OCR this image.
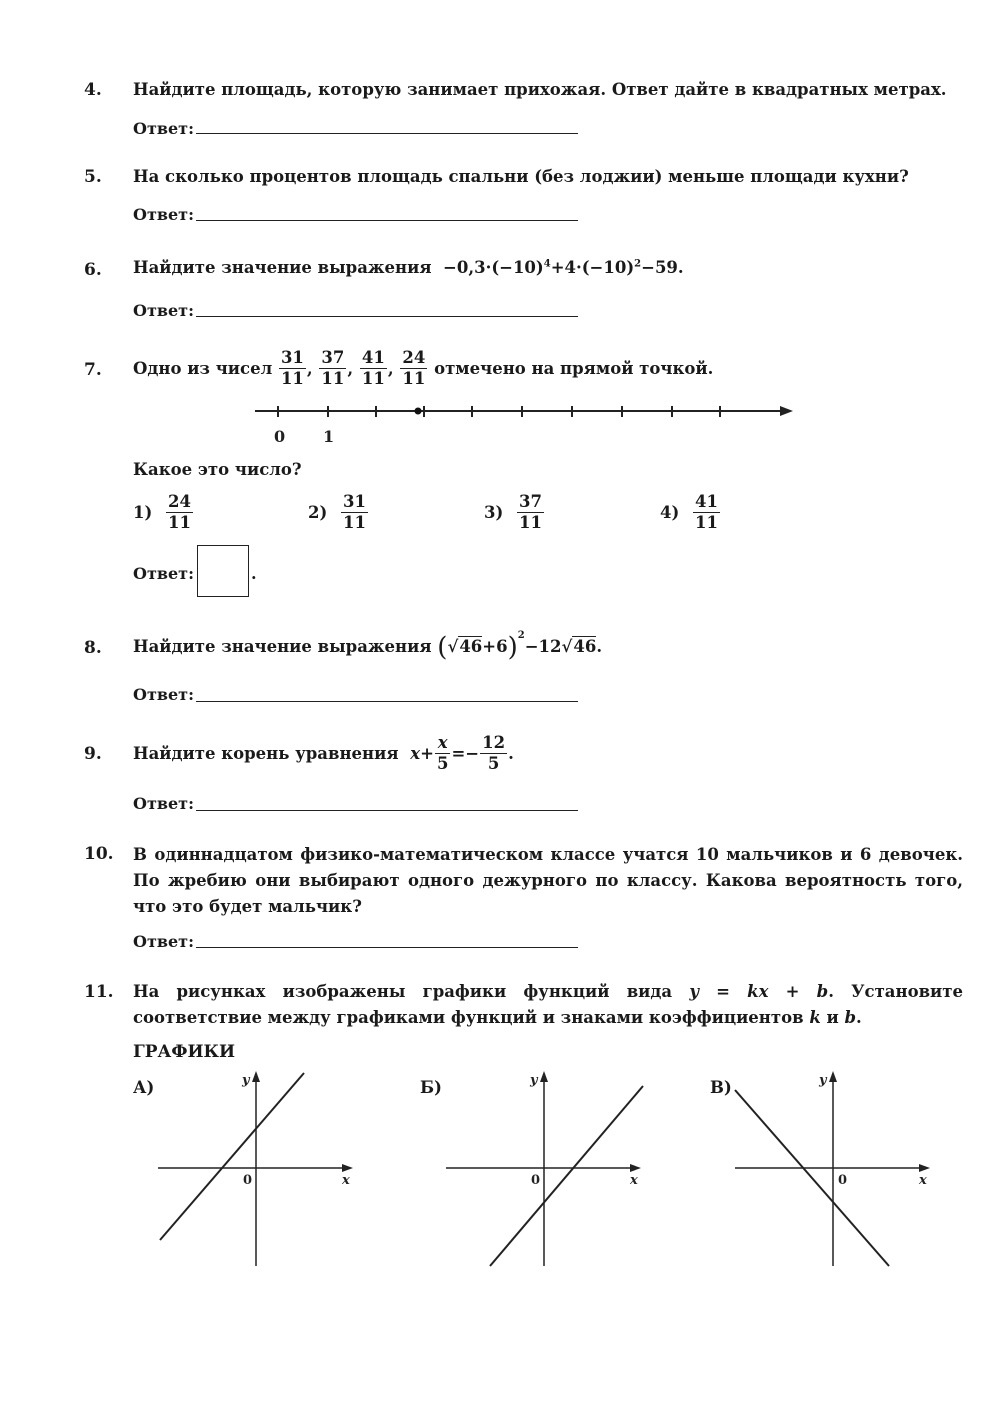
4. Найдите площадь, которую занимает прихожая. Ответ дайте в квадратных метрах.
Ответ:
5. На сколько процентов площадь спальни (без лоджии) меньше площади кухни?
Ответ:
6. Найдите значение выражения $-0,3\cdot(-10)^4+4\cdot(-10)^2-59$.
Ответ:
7. Одно из чисел $\frac{31}{11}$ , $\frac{37}{11}$ , $\frac{41}{11}$ , $\frac{24}{11}$ отмечено на прямой точкой.
0 1
Какое это число?
$1) \frac{24}{11}$	$2) \frac{31}{11}$	$3) \frac{37}{11}$	$4) \frac{41}{11}$
Ответ:	.
8. Найдите значение выражения $(√46+6)^2-12√46$.
Ответ:
9. Найдите корень уравнения $x+ \frac{x}{5} =- \frac{12}{5}$ .
Ответ:
10. В одиннадцатом физико-математическом классе учатся 10 мальчиков и 6 девочек. По жребию они выбирают одного дежурного по классу. Какова вероятность того, что это будет мальчик?
Ответ:
11. На рисунках изображены графики функций вида y = kx + b. Установите соответствие между графиками функций и знаками коэффициентов k и b.
ГРАФИКИ
А)	y
x
0
Б)	y
x
0
В)	y
x
0
